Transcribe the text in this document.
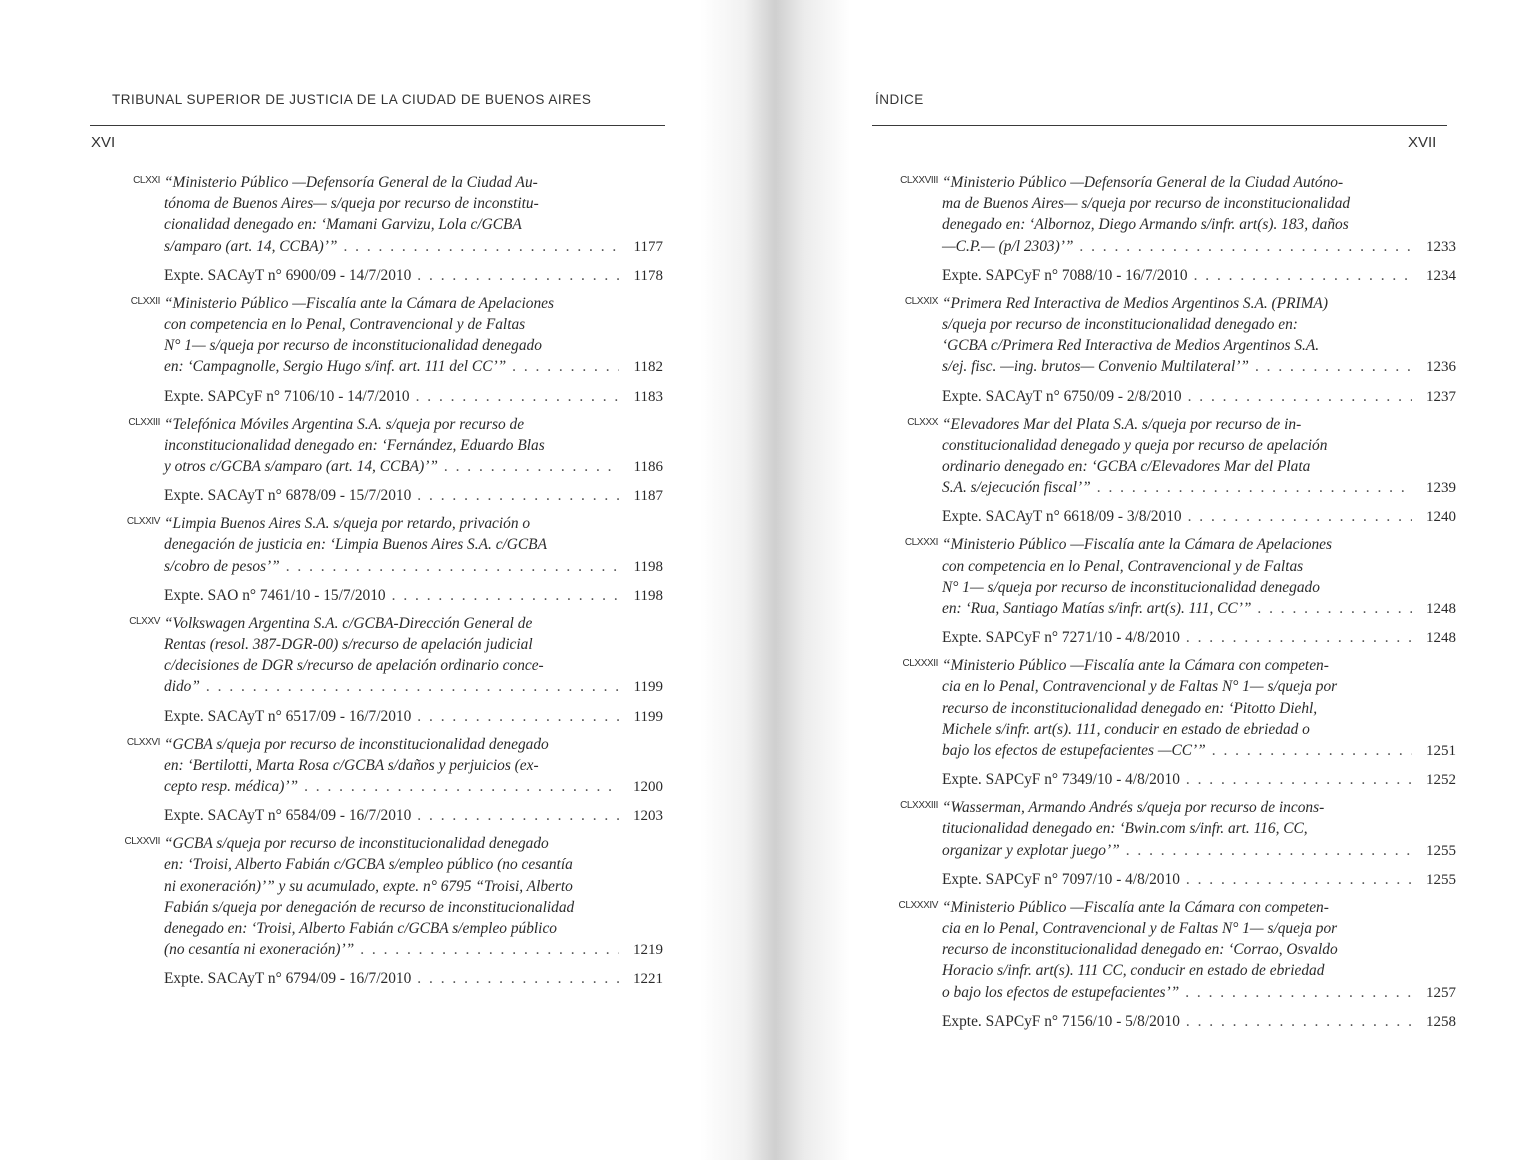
TRIBUNAL SUPERIOR DE JUSTICIA DE LA CIUDAD DE BUENOS AIRES
XVI
CLXXI “Ministerio Público —Defensoría General de la Ciudad Au-
tónoma de Buenos Aires— s/queja por recurso de inconstitu-
cionalidad denegado en: ‘Mamani Garvizu, Lola c/GCBA
s/amparo (art. 14, CCBA)’” . . .	1177
Expte. SACAyT n° 6900/09 - 14/7/2010 . . .	1178
CLXXII “Ministerio Público —Fiscalía ante la Cámara de Apelaciones
con competencia en lo Penal, Contravencional y de Faltas
N° 1— s/queja por recurso de inconstitucionalidad denegado
en: ‘Campagnolle, Sergio Hugo s/inf. art. 111 del CC’” . . .	1182
Expte. SAPCyF n° 7106/10 - 14/7/2010 . . .	1183
CLXXIII “Telefónica Móviles Argentina S.A. s/queja por recurso de
inconstitucionalidad denegado en: ‘Fernández, Eduardo Blas
y otros c/GCBA s/amparo (art. 14, CCBA)’” . . .	1186
Expte. SACAyT n° 6878/09 - 15/7/2010 . . .	1187
CLXXIV “Limpia Buenos Aires S.A. s/queja por retardo, privación o
denegación de justicia en: ‘Limpia Buenos Aires S.A. c/GCBA
s/cobro de pesos’” . . .	1198
Expte. SAO n° 7461/10 - 15/7/2010 . . .	1198
CLXXV “Volkswagen Argentina S.A. c/GCBA-Dirección General de
Rentas (resol. 387-DGR-00) s/recurso de apelación judicial
c/decisiones de DGR s/recurso de apelación ordinario conce-
dido” . . .	1199
Expte. SACAyT n° 6517/09 - 16/7/2010 . . .	1199
CLXXVI “GCBA s/queja por recurso de inconstitucionalidad denegado
en: ‘Bertilotti, Marta Rosa c/GCBA s/daños y perjuicios (ex-
cepto resp. médica)’” . . .	1200
Expte. SACAyT n° 6584/09 - 16/7/2010 . . .	1203
CLXXVII “GCBA s/queja por recurso de inconstitucionalidad denegado
en: ‘Troisi, Alberto Fabián c/GCBA s/empleo público (no cesantía
ni exoneración)’” y su acumulado, expte. n° 6795 “Troisi, Alberto
Fabián s/queja por denegación de recurso de inconstitucionalidad
denegado en: ‘Troisi, Alberto Fabián c/GCBA s/empleo público
(no cesantía ni exoneración)’” . . .	1219
Expte. SACAyT n° 6794/09 - 16/7/2010 . . .	1221
ÍNDICE
XVII
CLXXVIII “Ministerio Público —Defensoría General de la Ciudad Autóno-
ma de Buenos Aires— s/queja por recurso de inconstitucionalidad
denegado en: ‘Albornoz, Diego Armando s/infr. art(s). 183, daños
—C.P.— (p/l 2303)’” . . .	1233
Expte. SAPCyF n° 7088/10 - 16/7/2010 . . .	1234
CLXXIX “Primera Red Interactiva de Medios Argentinos S.A. (PRIMA)
s/queja por recurso de inconstitucionalidad denegado en:
‘GCBA c/Primera Red Interactiva de Medios Argentinos S.A.
s/ej. fisc. —ing. brutos— Convenio Multilateral’” . . .	1236
Expte. SACAyT n° 6750/09 - 2/8/2010 . . .	1237
CLXXX “Elevadores Mar del Plata S.A. s/queja por recurso de in-
constitucionalidad denegado y queja por recurso de apelación
ordinario denegado en: ‘GCBA c/Elevadores Mar del Plata
S.A. s/ejecución fiscal’” . . .	1239
Expte. SACAyT n° 6618/09 - 3/8/2010 . . .	1240
CLXXXI “Ministerio Público —Fiscalía ante la Cámara de Apelaciones
con competencia en lo Penal, Contravencional y de Faltas
N° 1— s/queja por recurso de inconstitucionalidad denegado
en: ‘Rua, Santiago Matías s/infr. art(s). 111, CC’” . . .	1248
Expte. SAPCyF n° 7271/10 - 4/8/2010 . . .	1248
CLXXXII “Ministerio Público —Fiscalía ante la Cámara con competen-
cia en lo Penal, Contravencional y de Faltas N° 1— s/queja por
recurso de inconstitucionalidad denegado en: ‘Pitotto Diehl,
Michele s/infr. art(s). 111, conducir en estado de ebriedad o
bajo los efectos de estupefacientes —CC’” . . .	1251
Expte. SAPCyF n° 7349/10 - 4/8/2010 . . .	1252
CLXXXIII “Wasserman, Armando Andrés s/queja por recurso de incons-
titucionalidad denegado en: ‘Bwin.com s/infr. art. 116, CC,
organizar y explotar juego’” . . .	1255
Expte. SAPCyF n° 7097/10 - 4/8/2010 . . .	1255
CLXXXIV “Ministerio Público —Fiscalía ante la Cámara con competen-
cia en lo Penal, Contravencional y de Faltas N° 1— s/queja por
recurso de inconstitucionalidad denegado en: ‘Corrao, Osvaldo
Horacio s/infr. art(s). 111 CC, conducir en estado de ebriedad
o bajo los efectos de estupefacientes’” . . .	1257
Expte. SAPCyF n° 7156/10 - 5/8/2010 . . .	1258
